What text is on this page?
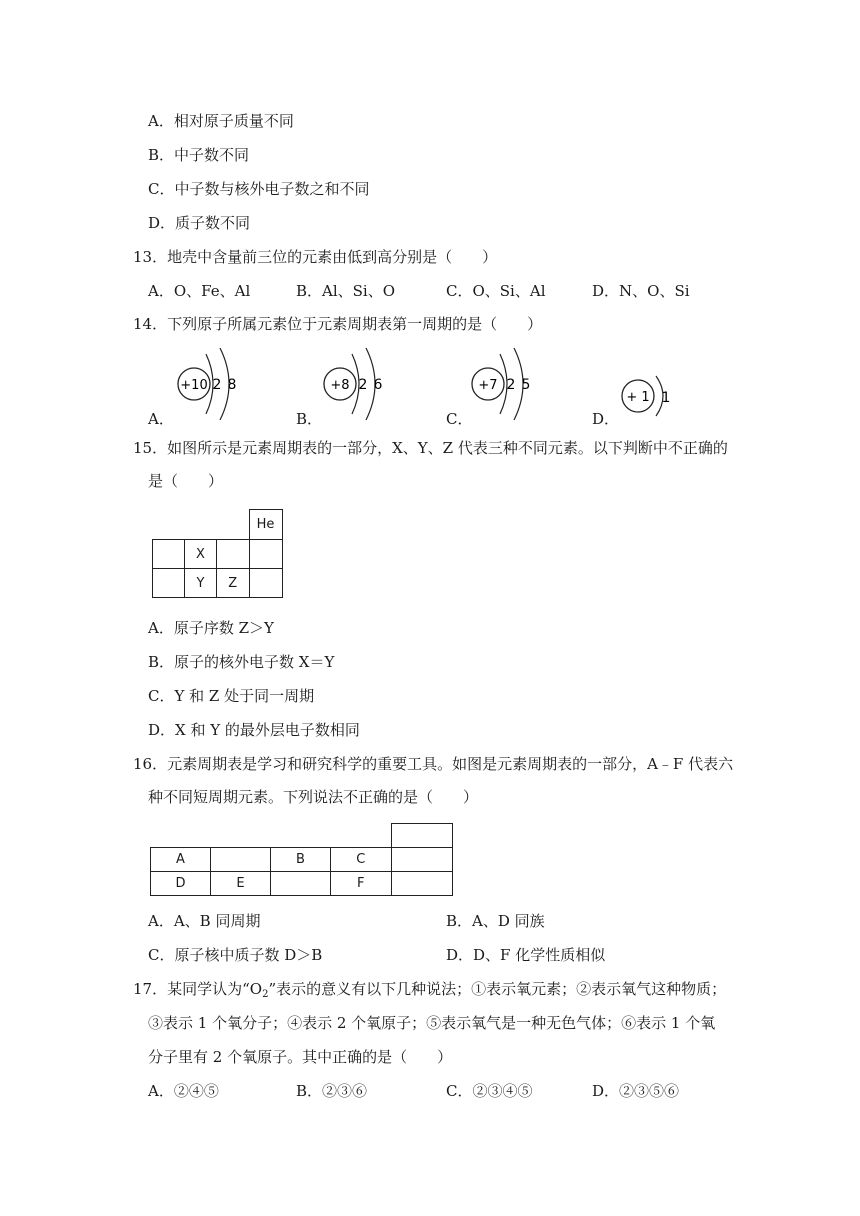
A．相对原子质量不同
B．中子数不同
C．中子数与核外电子数之和不同
D．质子数不同
13．地壳中含量前三位的元素由低到高分别是（　　）
A．O、Fe、Al	B．Al、Si、O	C．O、Si、Al	D．N、O、Si
14．下列原子所属元素位于元素周期表第一周期的是（　　）
A．
+10 2 8
B．
+8 2 6
C．
+7 2 5
D．
+ 1 1
15．如图所示是元素周期表的一部分，X、Y、Z 代表三种不同元素。以下判断中不正确的
是（　　）
			He
	X		
	Y	Z	
A．原子序数 Z＞Y
B．原子的核外电子数 X＝Y
C．Y 和 Z 处于同一周期
D．X 和 Y 的最外层电子数相同
16．元素周期表是学习和研究科学的重要工具。如图是元素周期表的一部分，A﹣F 代表六
种不同短周期元素。下列说法不正确的是（　　）

A		B	C	
D	E		F	
A．A、B 同周期	B．A、D 同族
C．原子核中质子数 D＞B	D．D、F 化学性质相似
17．某同学认为“$O_2$”表示的意义有以下几种说法；①表示氧元素；②表示氧气这种物质；
③表示 1 个氧分子；④表示 2 个氧原子；⑤表示氧气是一种无色气体；⑥表示 1 个氧
分子里有 2 个氧原子。其中正确的是（　　）
A．②④⑤	B．②③⑥	C．②③④⑤	D．②③⑤⑥
